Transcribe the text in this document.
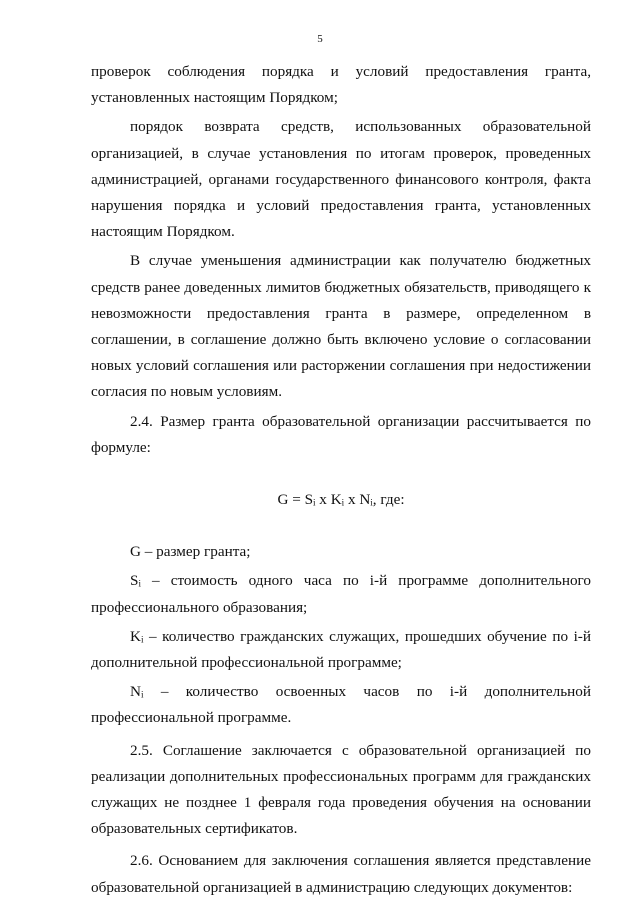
5

проверок соблюдения порядка и условий предоставления гранта,

установленных настоящим Порядком;

порядок возврата средств, использованных образовательной

организацией, в случае установления по итогам проверок, проведенных

администрацией, органами государственного финансового контроля, факта

нарушения порядка и условий предоставления гранта, установленных

настоящим Порядком.

В случае уменьшения администрации как получателю бюджетных

средств ранее доведенных лимитов бюджетных обязательств, приводящего к

невозможности предоставления гранта в размере, определенном в

соглашении, в соглашение должно быть включено условие о согласовании

новых условий соглашения или расторжении соглашения при недостижении

согласия по новым условиям.

2.4. Размер гранта образовательной организации рассчитывается по

формуле:

G = Sᵢ x Kᵢ x Nᵢ, где:

G – размер гранта;

Sᵢ – стоимость одного часа по i-й программе дополнительного

профессионального образования;

Kᵢ – количество гражданских служащих, прошедших обучение по i-й

дополнительной профессиональной программе;

Nᵢ – количество освоенных часов по i-й дополнительной

профессиональной программе.

2.5. Соглашение заключается с образовательной организацией по

реализации дополнительных профессиональных программ для гражданских

служащих не позднее 1 февраля года проведения обучения на основании

образовательных сертификатов.

2.6. Основанием для заключения соглашения является представление

образовательной организацией в администрацию следующих документов:
